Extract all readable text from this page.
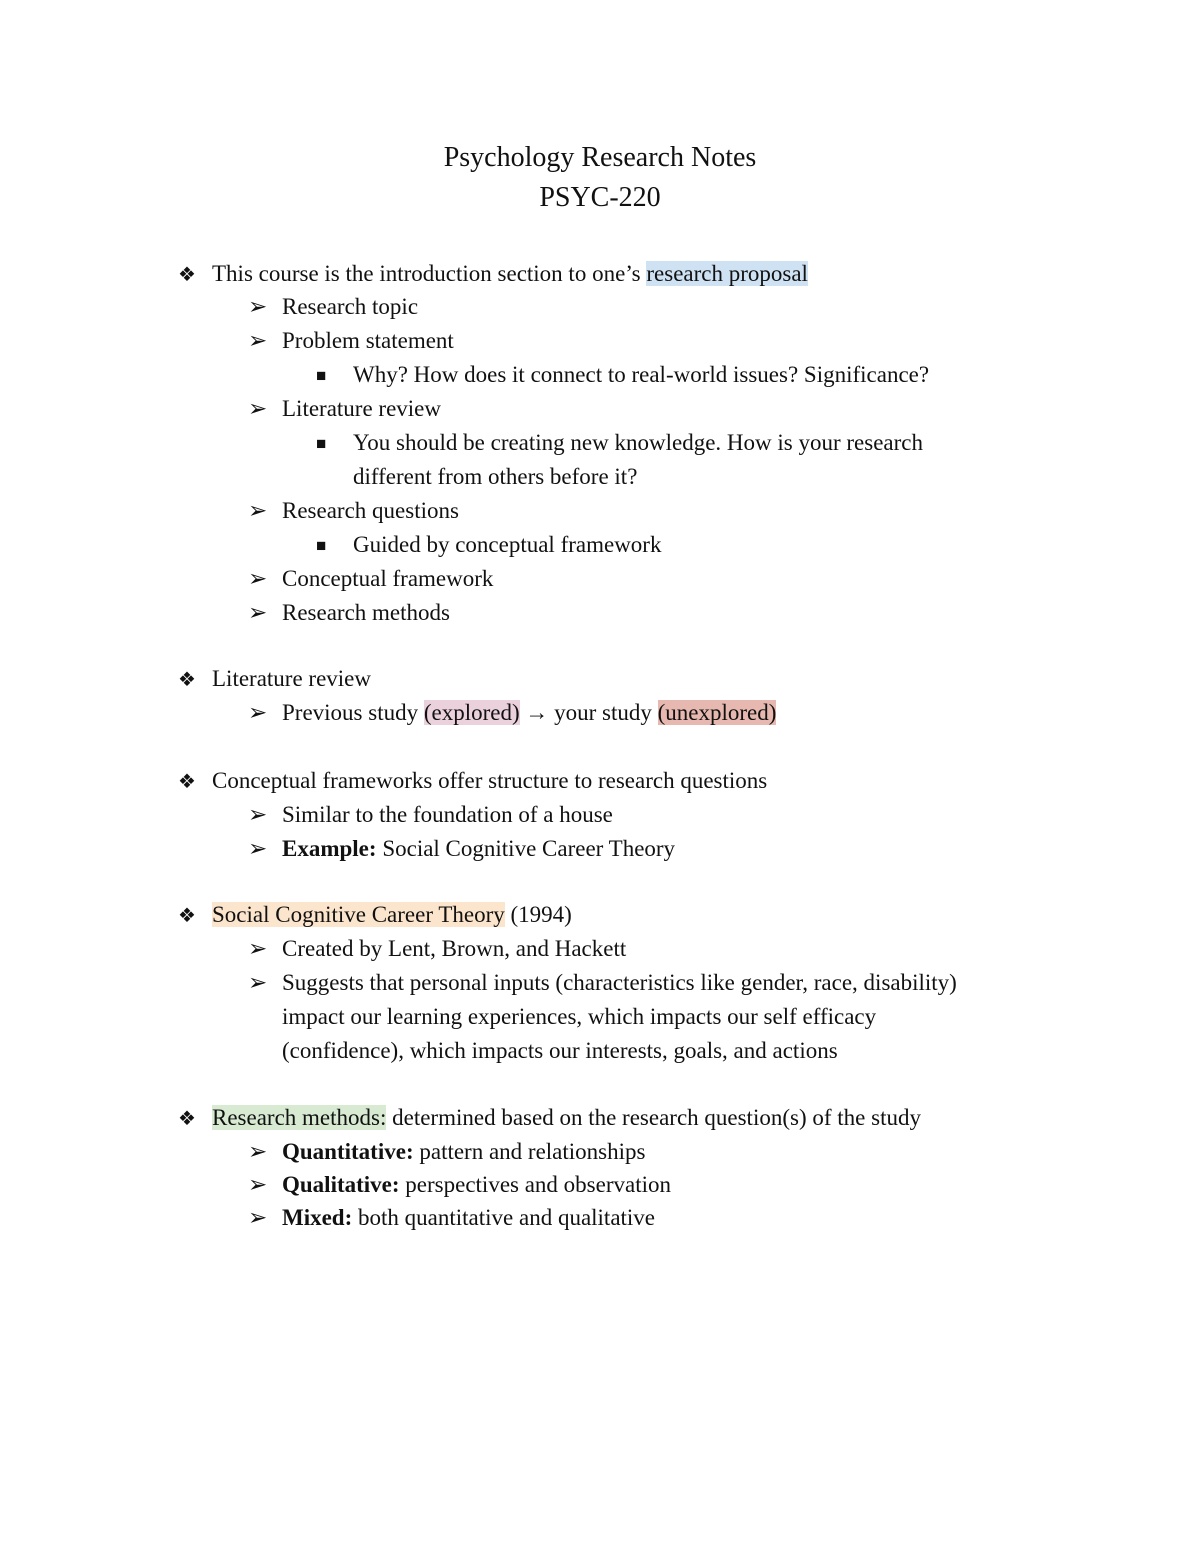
Psychology Research Notes
PSYC-220
❖ This course is the introduction section to one’s research proposal
➢ Research topic
➢ Problem statement
■ Why? How does it connect to real-world issues? Significance?
➢ Literature review
■ You should be creating new knowledge. How is your research
different from others before it?
➢ Research questions
■ Guided by conceptual framework
➢ Conceptual framework
➢ Research methods
❖ Literature review
➢ Previous study (explored) → your study (unexplored)
❖ Conceptual frameworks offer structure to research questions
➢ Similar to the foundation of a house
➢ Example: Social Cognitive Career Theory
❖ Social Cognitive Career Theory (1994)
➢ Created by Lent, Brown, and Hackett
➢ Suggests that personal inputs (characteristics like gender, race, disability)
impact our learning experiences, which impacts our self efficacy
(confidence), which impacts our interests, goals, and actions
❖ Research methods: determined based on the research question(s) of the study
➢ Quantitative: pattern and relationships
➢ Qualitative: perspectives and observation
➢ Mixed: both quantitative and qualitative
